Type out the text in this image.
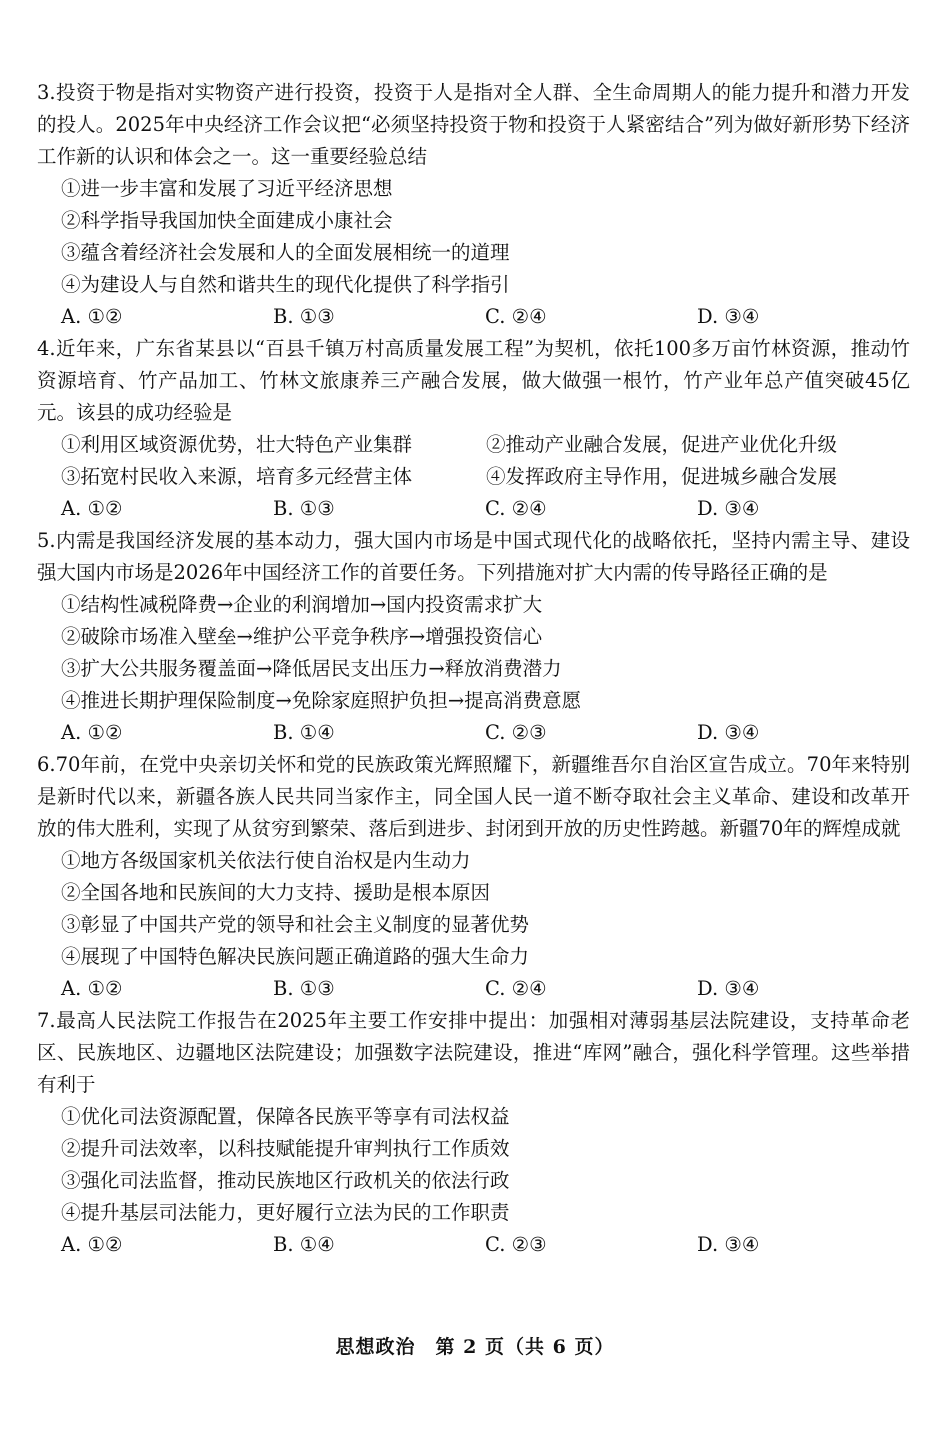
3.投资于物是指对实物资产进行投资，投资于人是指对全人群、全生命周期人的能力提升和潜力开发的投人。2025年中央经济工作会议把“必须坚持投资于物和投资于人紧密结合”列为做好新形势下经济工作新的认识和体会之一。这一重要经验总结

①进一步丰富和发展了习近平经济思想

②科学指导我国加快全面建成小康社会

③蕴含着经济社会发展和人的全面发展相统一的道理

④为建设人与自然和谐共生的现代化提供了科学指引

A. ①②	B. ①③	C. ②④	D. ③④

4.近年来，广东省某县以“百县千镇万村高质量发展工程”为契机，依托100多万亩竹林资源，推动竹资源培育、竹产品加工、竹林文旅康养三产融合发展，做大做强一根竹，竹产业年总产值突破45亿元。该县的成功经验是

①利用区域资源优势，壮大特色产业集群	②推动产业融合发展，促进产业优化升级
③拓宽村民收入来源，培育多元经营主体	④发挥政府主导作用，促进城乡融合发展
A. ①②	B. ①③	C. ②④	D. ③④

5.内需是我国经济发展的基本动力，强大国内市场是中国式现代化的战略依托，坚持内需主导、建设强大国内市场是2026年中国经济工作的首要任务。下列措施对扩大内需的传导路径正确的是

①结构性减税降费→企业的利润增加→国内投资需求扩大

②破除市场准入壁垒→维护公平竞争秩序→增强投资信心

③扩大公共服务覆盖面→降低居民支出压力→释放消费潜力

④推进长期护理保险制度→免除家庭照护负担→提高消费意愿

A. ①②	B. ①④	C. ②③	D. ③④

6.70年前，在党中央亲切关怀和党的民族政策光辉照耀下，新疆维吾尔自治区宣告成立。70年来特别是新时代以来，新疆各族人民共同当家作主，同全国人民一道不断夺取社会主义革命、建设和改革开放的伟大胜利，实现了从贫穷到繁荣、落后到进步、封闭到开放的历史性跨越。新疆70年的辉煌成就

①地方各级国家机关依法行使自治权是内生动力

②全国各地和民族间的大力支持、援助是根本原因

③彰显了中国共产党的领导和社会主义制度的显著优势

④展现了中国特色解决民族问题正确道路的强大生命力

A. ①②	B. ①③	C. ②④	D. ③④

7.最高人民法院工作报告在2025年主要工作安排中提出：加强相对薄弱基层法院建设，支持革命老区、民族地区、边疆地区法院建设；加强数字法院建设，推进“库网”融合，强化科学管理。这些举措有利于

①优化司法资源配置，保障各民族平等享有司法权益

②提升司法效率，以科技赋能提升审判执行工作质效

③强化司法监督，推动民族地区行政机关的依法行政

④提升基层司法能力，更好履行立法为民的工作职责

A. ①②	B. ①④	C. ②③	D. ③④
思想政治　第 2 页（共 6 页）
